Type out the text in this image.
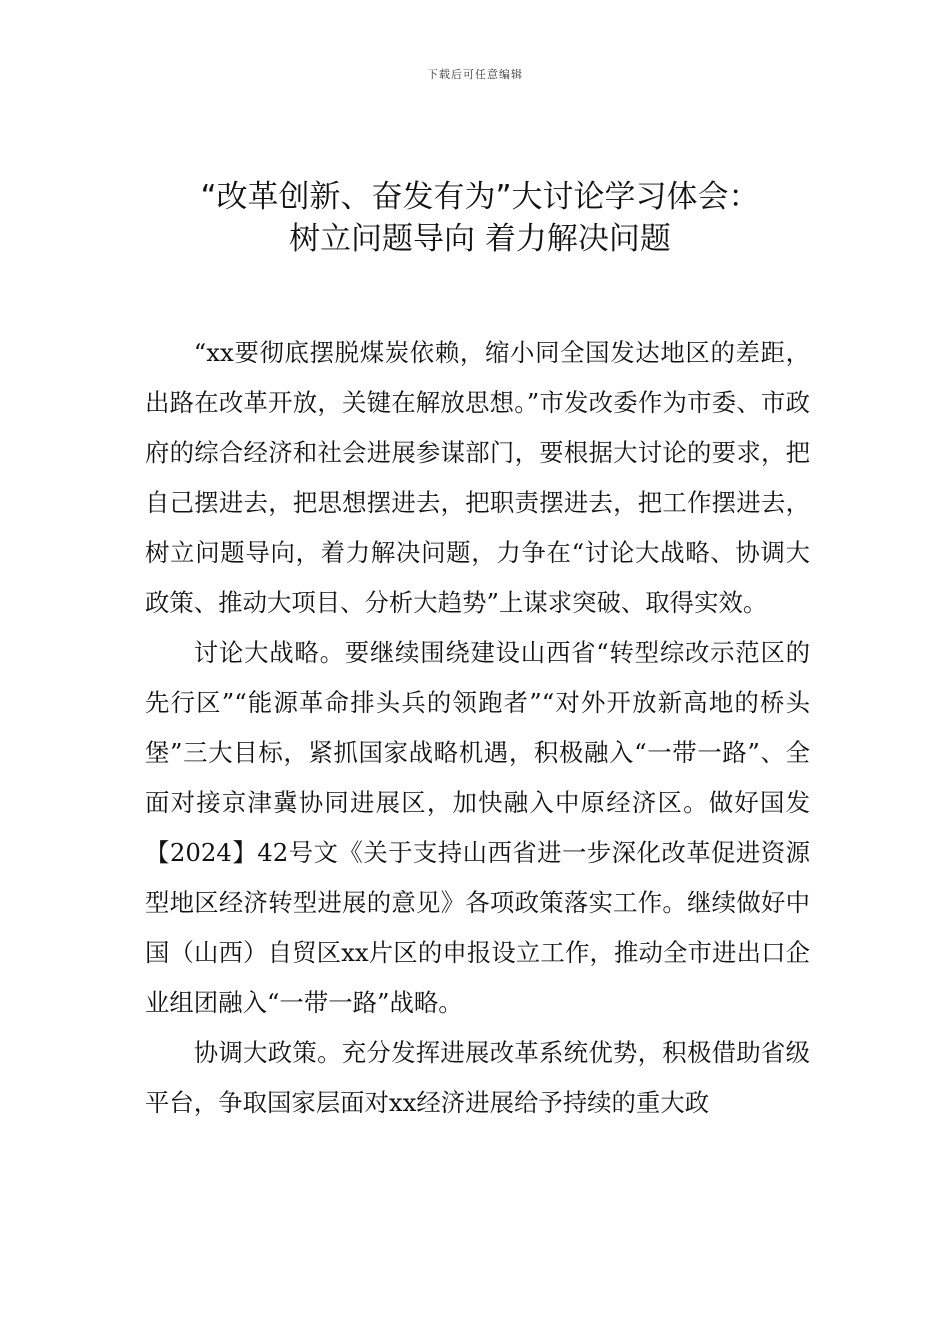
下载后可任意编辑
“改革创新、奋发有为”大讨论学习体会：
树立问题导向 着力解决问题

“xx要彻底摆脱煤炭依赖，缩小同全国发达地区的差距，出路在改革开放，关键在解放思想。”市发改委作为市委、市政府的综合经济和社会进展参谋部门，要根据大讨论的要求，把自己摆进去，把思想摆进去，把职责摆进去，把工作摆进去，树立问题导向，着力解决问题，力争在“讨论大战略、协调大政策、推动大项目、分析大趋势”上谋求突破、取得实效。

讨论大战略。要继续围绕建设山西省“转型综改示范区的先行区”“能源革命排头兵的领跑者”“对外开放新高地的桥头堡”三大目标，紧抓国家战略机遇，积极融入“一带一路”、全面对接京津冀协同进展区，加快融入中原经济区。做好国发【2024】42号文《关于支持山西省进一步深化改革促进资源型地区经济转型进展的意见》各项政策落实工作。继续做好中国（山西）自贸区xx片区的申报设立工作，推动全市进出口企业组团融入“一带一路”战略。

协调大政策。充分发挥进展改革系统优势，积极借助省级平台，争取国家层面对xx经济进展给予持续的重大政
